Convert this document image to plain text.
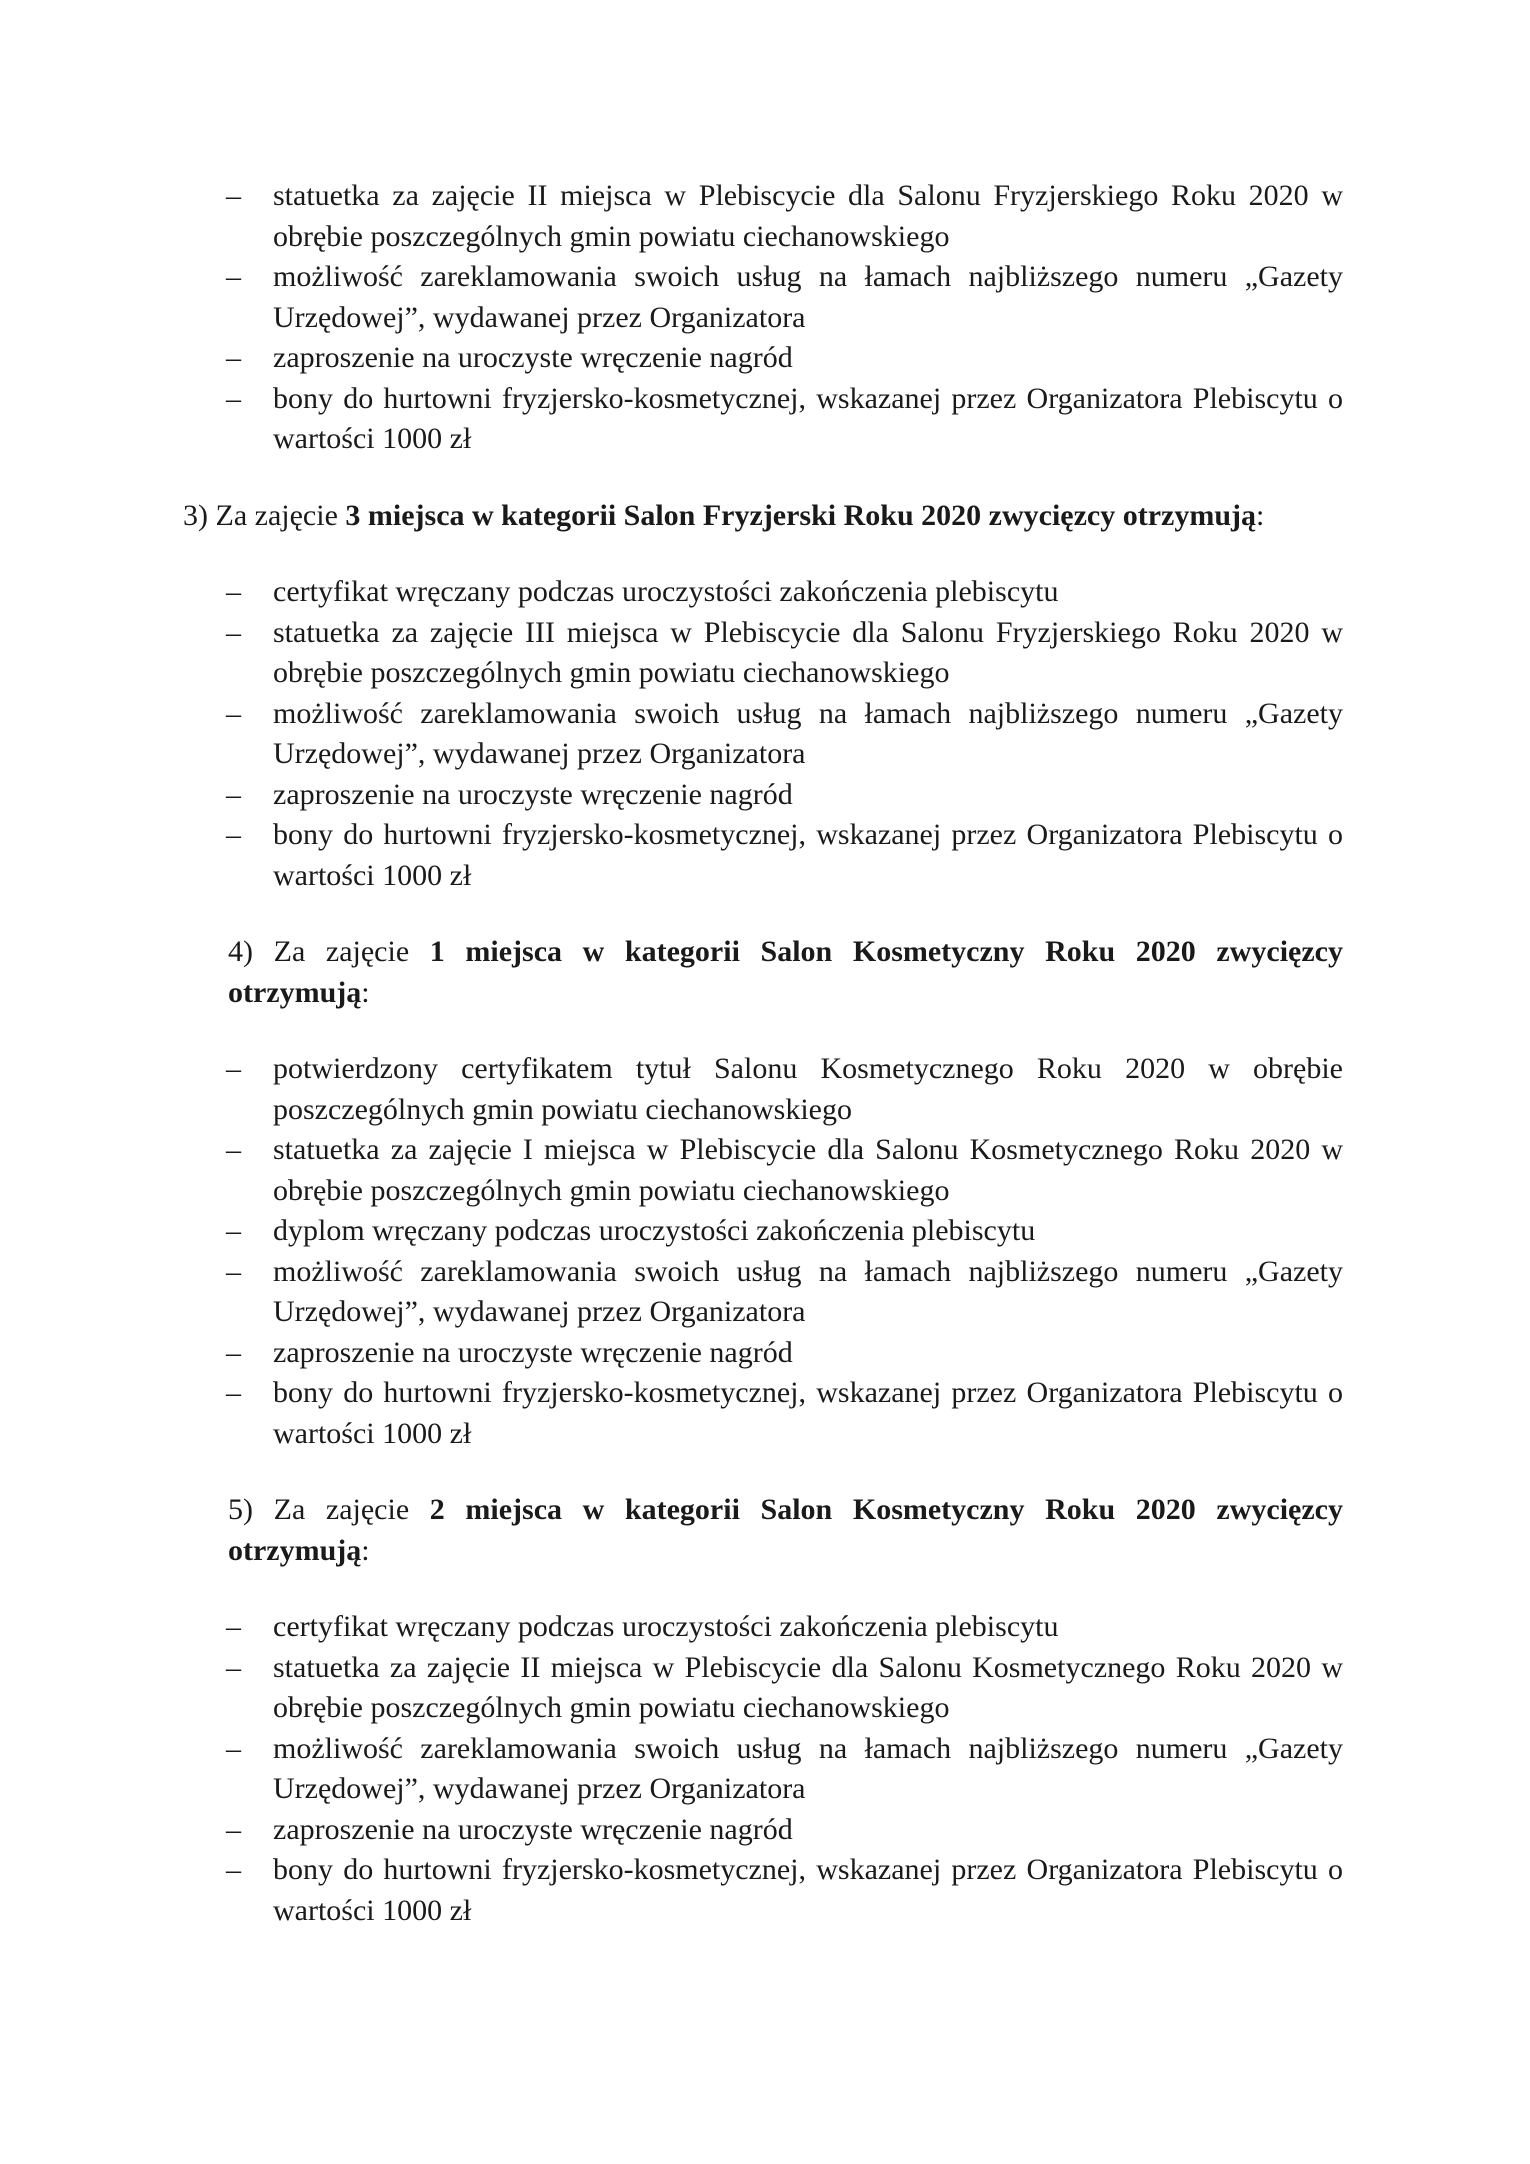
– statuetka za zajęcie II miejsca w Plebiscycie dla Salonu Fryzjerskiego Roku 2020 w obrębie poszczególnych gmin powiatu ciechanowskiego
– możliwość zareklamowania swoich usług na łamach najbliższego numeru „Gazety Urzędowej”, wydawanej przez Organizatora
– zaproszenie na uroczyste wręczenie nagród
– bony do hurtowni fryzjersko-kosmetycznej, wskazanej przez Organizatora Plebiscytu o wartości 1000 zł

3) Za zajęcie 3 miejsca w kategorii Salon Fryzjerski Roku 2020 zwycięzcy otrzymują:

– certyfikat wręczany podczas uroczystości zakończenia plebiscytu
– statuetka za zajęcie III miejsca w Plebiscycie dla Salonu Fryzjerskiego Roku 2020 w obrębie poszczególnych gmin powiatu ciechanowskiego
– możliwość zareklamowania swoich usług na łamach najbliższego numeru „Gazety Urzędowej”, wydawanej przez Organizatora
– zaproszenie na uroczyste wręczenie nagród
– bony do hurtowni fryzjersko-kosmetycznej, wskazanej przez Organizatora Plebiscytu o wartości 1000 zł

4) Za zajęcie 1 miejsca w kategorii Salon Kosmetyczny Roku 2020 zwycięzcy
otrzymują:

– potwierdzony certyfikatem tytuł Salonu Kosmetycznego Roku 2020 w obrębie poszczególnych gmin powiatu ciechanowskiego
– statuetka za zajęcie I miejsca w Plebiscycie dla Salonu Kosmetycznego Roku 2020 w obrębie poszczególnych gmin powiatu ciechanowskiego
– dyplom wręczany podczas uroczystości zakończenia plebiscytu
– możliwość zareklamowania swoich usług na łamach najbliższego numeru „Gazety Urzędowej”, wydawanej przez Organizatora
– zaproszenie na uroczyste wręczenie nagród
– bony do hurtowni fryzjersko-kosmetycznej, wskazanej przez Organizatora Plebiscytu o wartości 1000 zł

5) Za zajęcie 2 miejsca w kategorii Salon Kosmetyczny Roku 2020 zwycięzcy
otrzymują:

– certyfikat wręczany podczas uroczystości zakończenia plebiscytu
– statuetka za zajęcie II miejsca w Plebiscycie dla Salonu Kosmetycznego Roku 2020 w obrębie poszczególnych gmin powiatu ciechanowskiego
– możliwość zareklamowania swoich usług na łamach najbliższego numeru „Gazety Urzędowej”, wydawanej przez Organizatora
– zaproszenie na uroczyste wręczenie nagród
– bony do hurtowni fryzjersko-kosmetycznej, wskazanej przez Organizatora Plebiscytu o wartości 1000 zł
